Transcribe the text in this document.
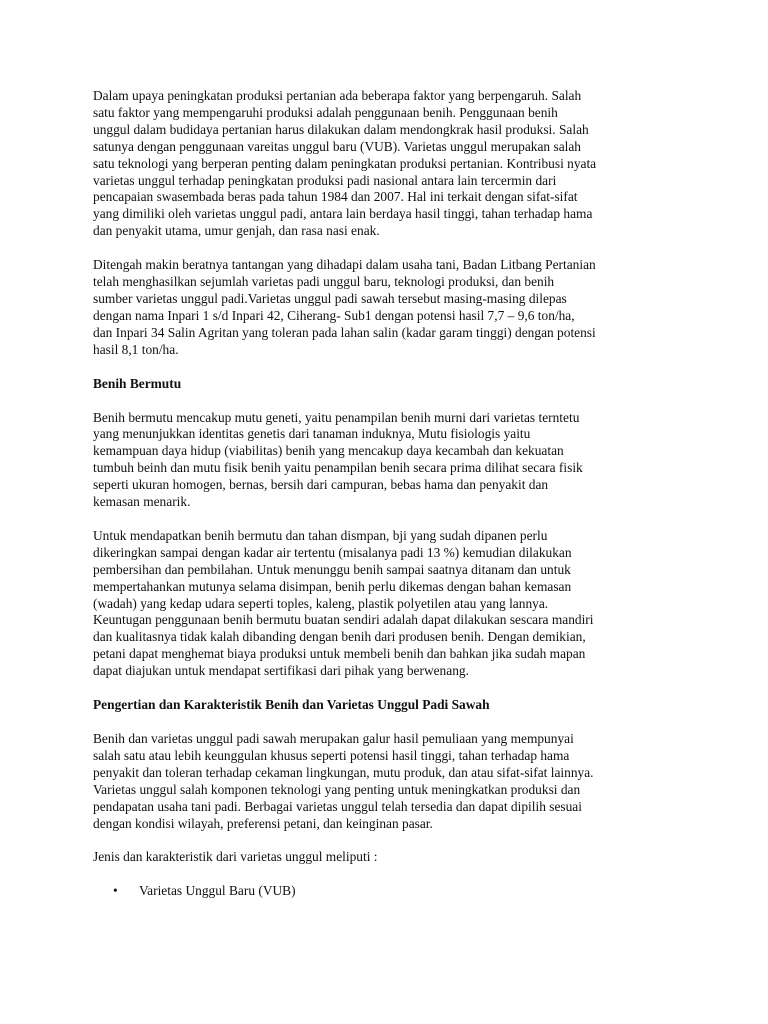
Dalam upaya peningkatan produksi pertanian ada beberapa faktor yang berpengaruh. Salah
satu faktor yang mempengaruhi produksi adalah penggunaan benih. Penggunaan benih
unggul dalam budidaya pertanian harus dilakukan dalam mendongkrak hasil produksi. Salah
satunya dengan penggunaan vareitas unggul baru (VUB). Varietas unggul merupakan salah
satu teknologi yang berperan penting dalam peningkatan produksi pertanian. Kontribusi nyata
varietas unggul terhadap peningkatan produksi padi nasional antara lain tercermin dari
pencapaian swasembada beras pada tahun 1984 dan 2007. Hal ini terkait dengan sifat-sifat
yang dimiliki oleh varietas unggul padi, antara lain berdaya hasil tinggi, tahan terhadap hama
dan penyakit utama, umur genjah, dan rasa nasi enak.

Ditengah makin beratnya tantangan yang dihadapi dalam usaha tani, Badan Litbang Pertanian
telah menghasilkan sejumlah varietas padi unggul baru, teknologi produksi, dan benih
sumber varietas unggul padi.Varietas unggul padi sawah tersebut masing-masing dilepas
dengan nama Inpari 1 s/d Inpari 42, Ciherang- Sub1 dengan potensi hasil 7,7 – 9,6 ton/ha,
dan Inpari 34 Salin Agritan yang toleran pada lahan salin (kadar garam tinggi) dengan potensi
hasil 8,1 ton/ha.

Benih Bermutu

Benih bermutu mencakup mutu geneti, yaitu penampilan benih murni dari varietas terntetu
yang menunjukkan identitas genetis dari tanaman induknya, Mutu fisiologis yaitu
kemampuan daya hidup (viabilitas) benih yang mencakup daya kecambah dan kekuatan
tumbuh beinh dan mutu fisik benih yaitu penampilan benih secara prima dilihat secara fisik
seperti ukuran homogen, bernas, bersih dari campuran, bebas hama dan penyakit dan
kemasan menarik.

Untuk mendapatkan benih bermutu dan tahan dismpan, bji yang sudah dipanen perlu
dikeringkan sampai dengan kadar air tertentu (misalanya padi 13 %) kemudian dilakukan
pembersihan dan pembilahan. Untuk menunggu benih sampai saatnya ditanam dan untuk
mempertahankan mutunya selama disimpan, benih perlu dikemas dengan bahan kemasan
(wadah) yang kedap udara seperti toples, kaleng, plastik polyetilen atau yang lannya.
Keuntugan penggunaan benih bermutu buatan sendiri adalah dapat dilakukan sescara mandiri
dan kualitasnya tidak kalah dibanding dengan benih dari produsen benih. Dengan demikian,
petani dapat menghemat biaya produksi untuk membeli benih dan bahkan jika sudah mapan
dapat diajukan untuk mendapat sertifikasi dari pihak yang berwenang.

Pengertian dan Karakteristik Benih dan Varietas Unggul Padi Sawah

Benih dan varietas unggul padi sawah merupakan galur hasil pemuliaan yang mempunyai
salah satu atau lebih keunggulan khusus seperti potensi hasil tinggi, tahan terhadap hama
penyakit dan toleran terhadap cekaman lingkungan, mutu produk, dan atau sifat-sifat lainnya.
Varietas unggul salah komponen teknologi yang penting untuk meningkatkan produksi dan
pendapatan usaha tani padi. Berbagai varietas unggul telah tersedia dan dapat dipilih sesuai
dengan kondisi wilayah, preferensi petani, dan keinginan pasar.

Jenis dan karakteristik dari varietas unggul meliputi :

• Varietas Unggul Baru (VUB)
